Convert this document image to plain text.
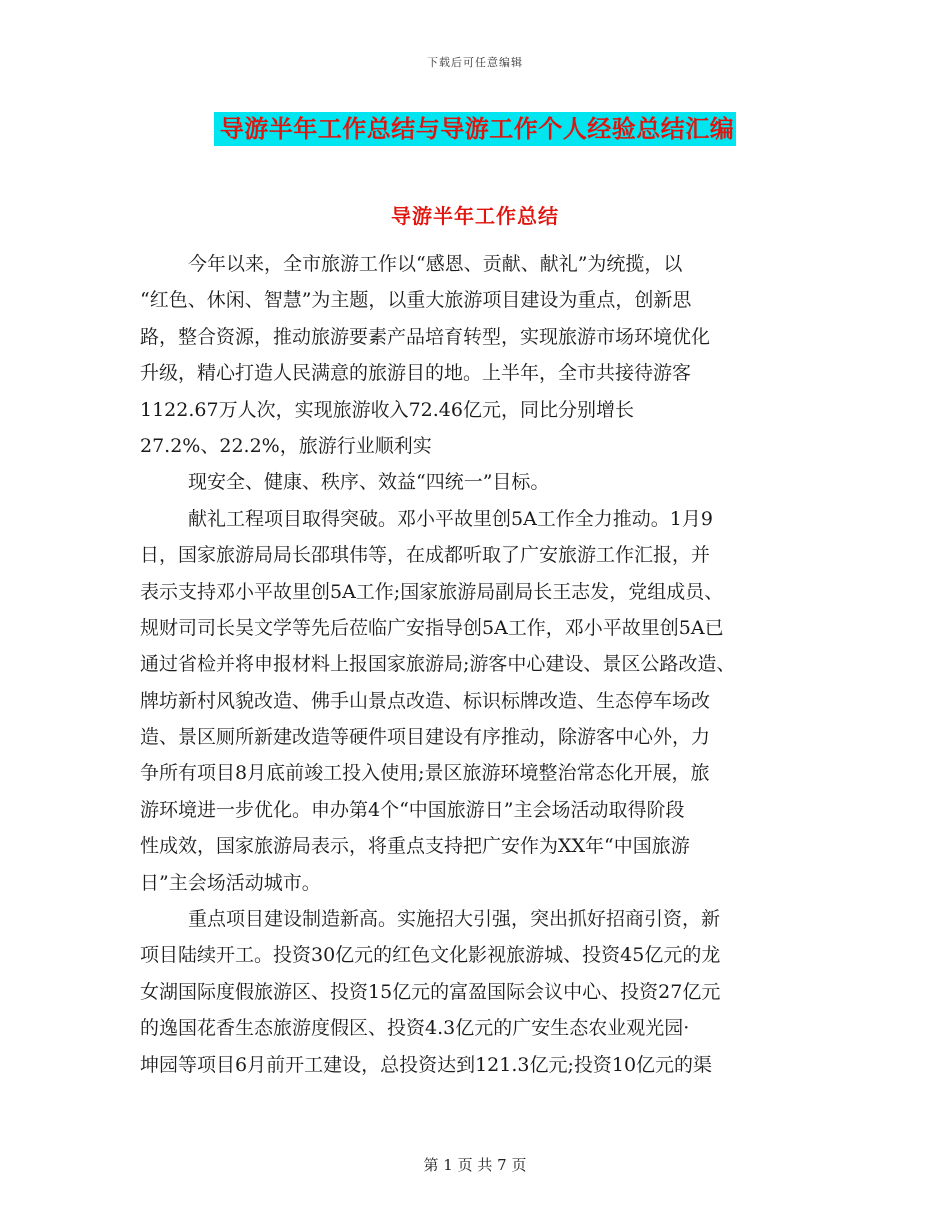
下载后可任意编辑
导游半年工作总结与导游工作个人经验总结汇编
导游半年工作总结
今年以来，全市旅游工作以“感恩、贡献、献礼”为统揽，以
“红色、休闲、智慧”为主题，以重大旅游项目建设为重点，创新思
路，整合资源，推动旅游要素产品培育转型，实现旅游市场环境优化
升级，精心打造人民满意的旅游目的地。上半年，全市共接待游客
1122.67万人次，实现旅游收入72.46亿元，同比分别增长
27.2%、22.2%，旅游行业顺利实
现安全、健康、秩序、效益“四统一”目标。
献礼工程项目取得突破。邓小平故里创5A工作全力推动。1月9
日，国家旅游局局长邵琪伟等，在成都听取了广安旅游工作汇报，并
表示支持邓小平故里创5A工作;国家旅游局副局长王志发，党组成员、
规财司司长吴文学等先后莅临广安指导创5A工作，邓小平故里创5A已
通过省检并将申报材料上报国家旅游局;游客中心建设、景区公路改造、
牌坊新村风貌改造、佛手山景点改造、标识标牌改造、生态停车场改
造、景区厕所新建改造等硬件项目建设有序推动，除游客中心外，力
争所有项目8月底前竣工投入使用;景区旅游环境整治常态化开展，旅
游环境进一步优化。申办第4个“中国旅游日”主会场活动取得阶段
性成效，国家旅游局表示，将重点支持把广安作为XX年“中国旅游
日”主会场活动城市。
重点项目建设制造新高。实施招大引强，突出抓好招商引资，新
项目陆续开工。投资30亿元的红色文化影视旅游城、投资45亿元的龙
女湖国际度假旅游区、投资15亿元的富盈国际会议中心、投资27亿元
的逸国花香生态旅游度假区、投资4.3亿元的广安生态农业观光园·
坤园等项目6月前开工建设，总投资达到121.3亿元;投资10亿元的渠
第 1 页 共 7 页
